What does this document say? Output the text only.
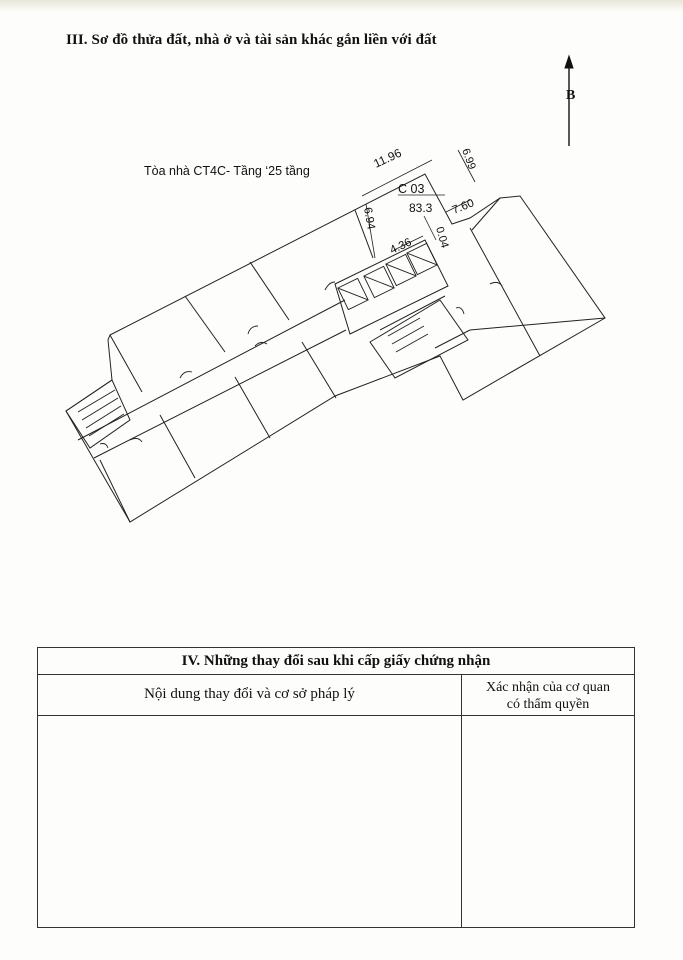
III. Sơ đồ thửa đất, nhà ở và tài sản khác gắn liền với đất
B
Tòa nhà CT4C- Tầng ‘25 tầng
11.96	6.99
C 03
83.3 7.60
6.94
4.36 0.04
IV. Những thay đổi sau khi cấp giấy chứng nhận
Nội dung thay đổi và cơ sở pháp lý	Xác nhận của cơ quan
có thẩm quyền
